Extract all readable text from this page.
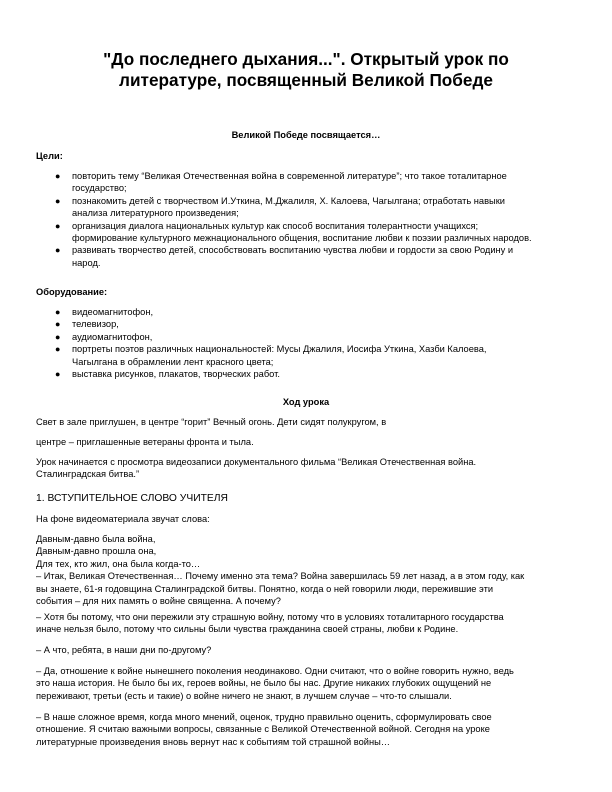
"До последнего дыхания...". Открытый урок по
литературе, посвященный Великой Победе

Великой Победе посвящается…

Цели:

● повторить тему “Великая Отечественная война в современной литературе”; что такое тоталитарное
государство;
● познакомить детей с творчеством И.Уткина, М.Джалиля, Х. Калоева, Чагылгана; отработать навыки
анализа литературного произведения;
● организация диалога национальных культур как способ воспитания толерантности учащихся;
формирование культурного межнационального общения, воспитание любви к поэзии различных народов.
● развивать творчество детей, способствовать воспитанию чувства любви и гордости за свою Родину и
народ.

Оборудование:

● видеомагнитофон,
● телевизор,
● аудиомагнитофон,
● портреты поэтов различных национальностей: Мусы Джалиля, Иосифа Уткина, Хазби Калоева,
Чагылгана в обрамлении лент красного цвета;
● выставка рисунков, плакатов, творческих работ.

Ход урока

Свет в зале приглушен, в центре “горит” Вечный огонь. Дети сидят полукругом, в

центре – приглашенные ветераны фронта и тыла.

Урок начинается с просмотра видеозаписи документального фильма “Великая Отечественная война.
Сталинградская битва.”

1. ВСТУПИТЕЛЬНОЕ СЛОВО УЧИТЕЛЯ

На фоне видеоматериала звучат слова:

Давным-давно была война,
Давным-давно прошла она,
Для тех, кто жил, она была когда-то…
– Итак, Великая Отечественная… Почему именно эта тема? Война завершилась 59 лет назад, а в этом году, как
вы знаете, 61-я годовщина Сталинградской битвы. Понятно, когда о ней говорили люди, пережившие эти
события – для них память о войне священна. А почему?

– Хотя бы потому, что они пережили эту страшную войну, потому что в условиях тоталитарного государства
иначе нельзя было, потому что сильны были чувства гражданина своей страны, любви к Родине.

– А что, ребята, в наши дни по-другому?

– Да, отношение к войне нынешнего поколения неодинаково. Одни считают, что о войне говорить нужно, ведь
это наша история. Не было бы их, героев войны, не было бы нас. Другие никаких глубоких ощущений не
переживают, третьи (есть и такие) о войне ничего не знают, в лучшем случае – что-то слышали.

– В наше сложное время, когда много мнений, оценок, трудно правильно оценить, сформулировать свое
отношение. Я считаю важными вопросы, связанные с Великой Отечественной войной. Сегодня на уроке
литературные произведения вновь вернут нас к событиям той страшной войны…
